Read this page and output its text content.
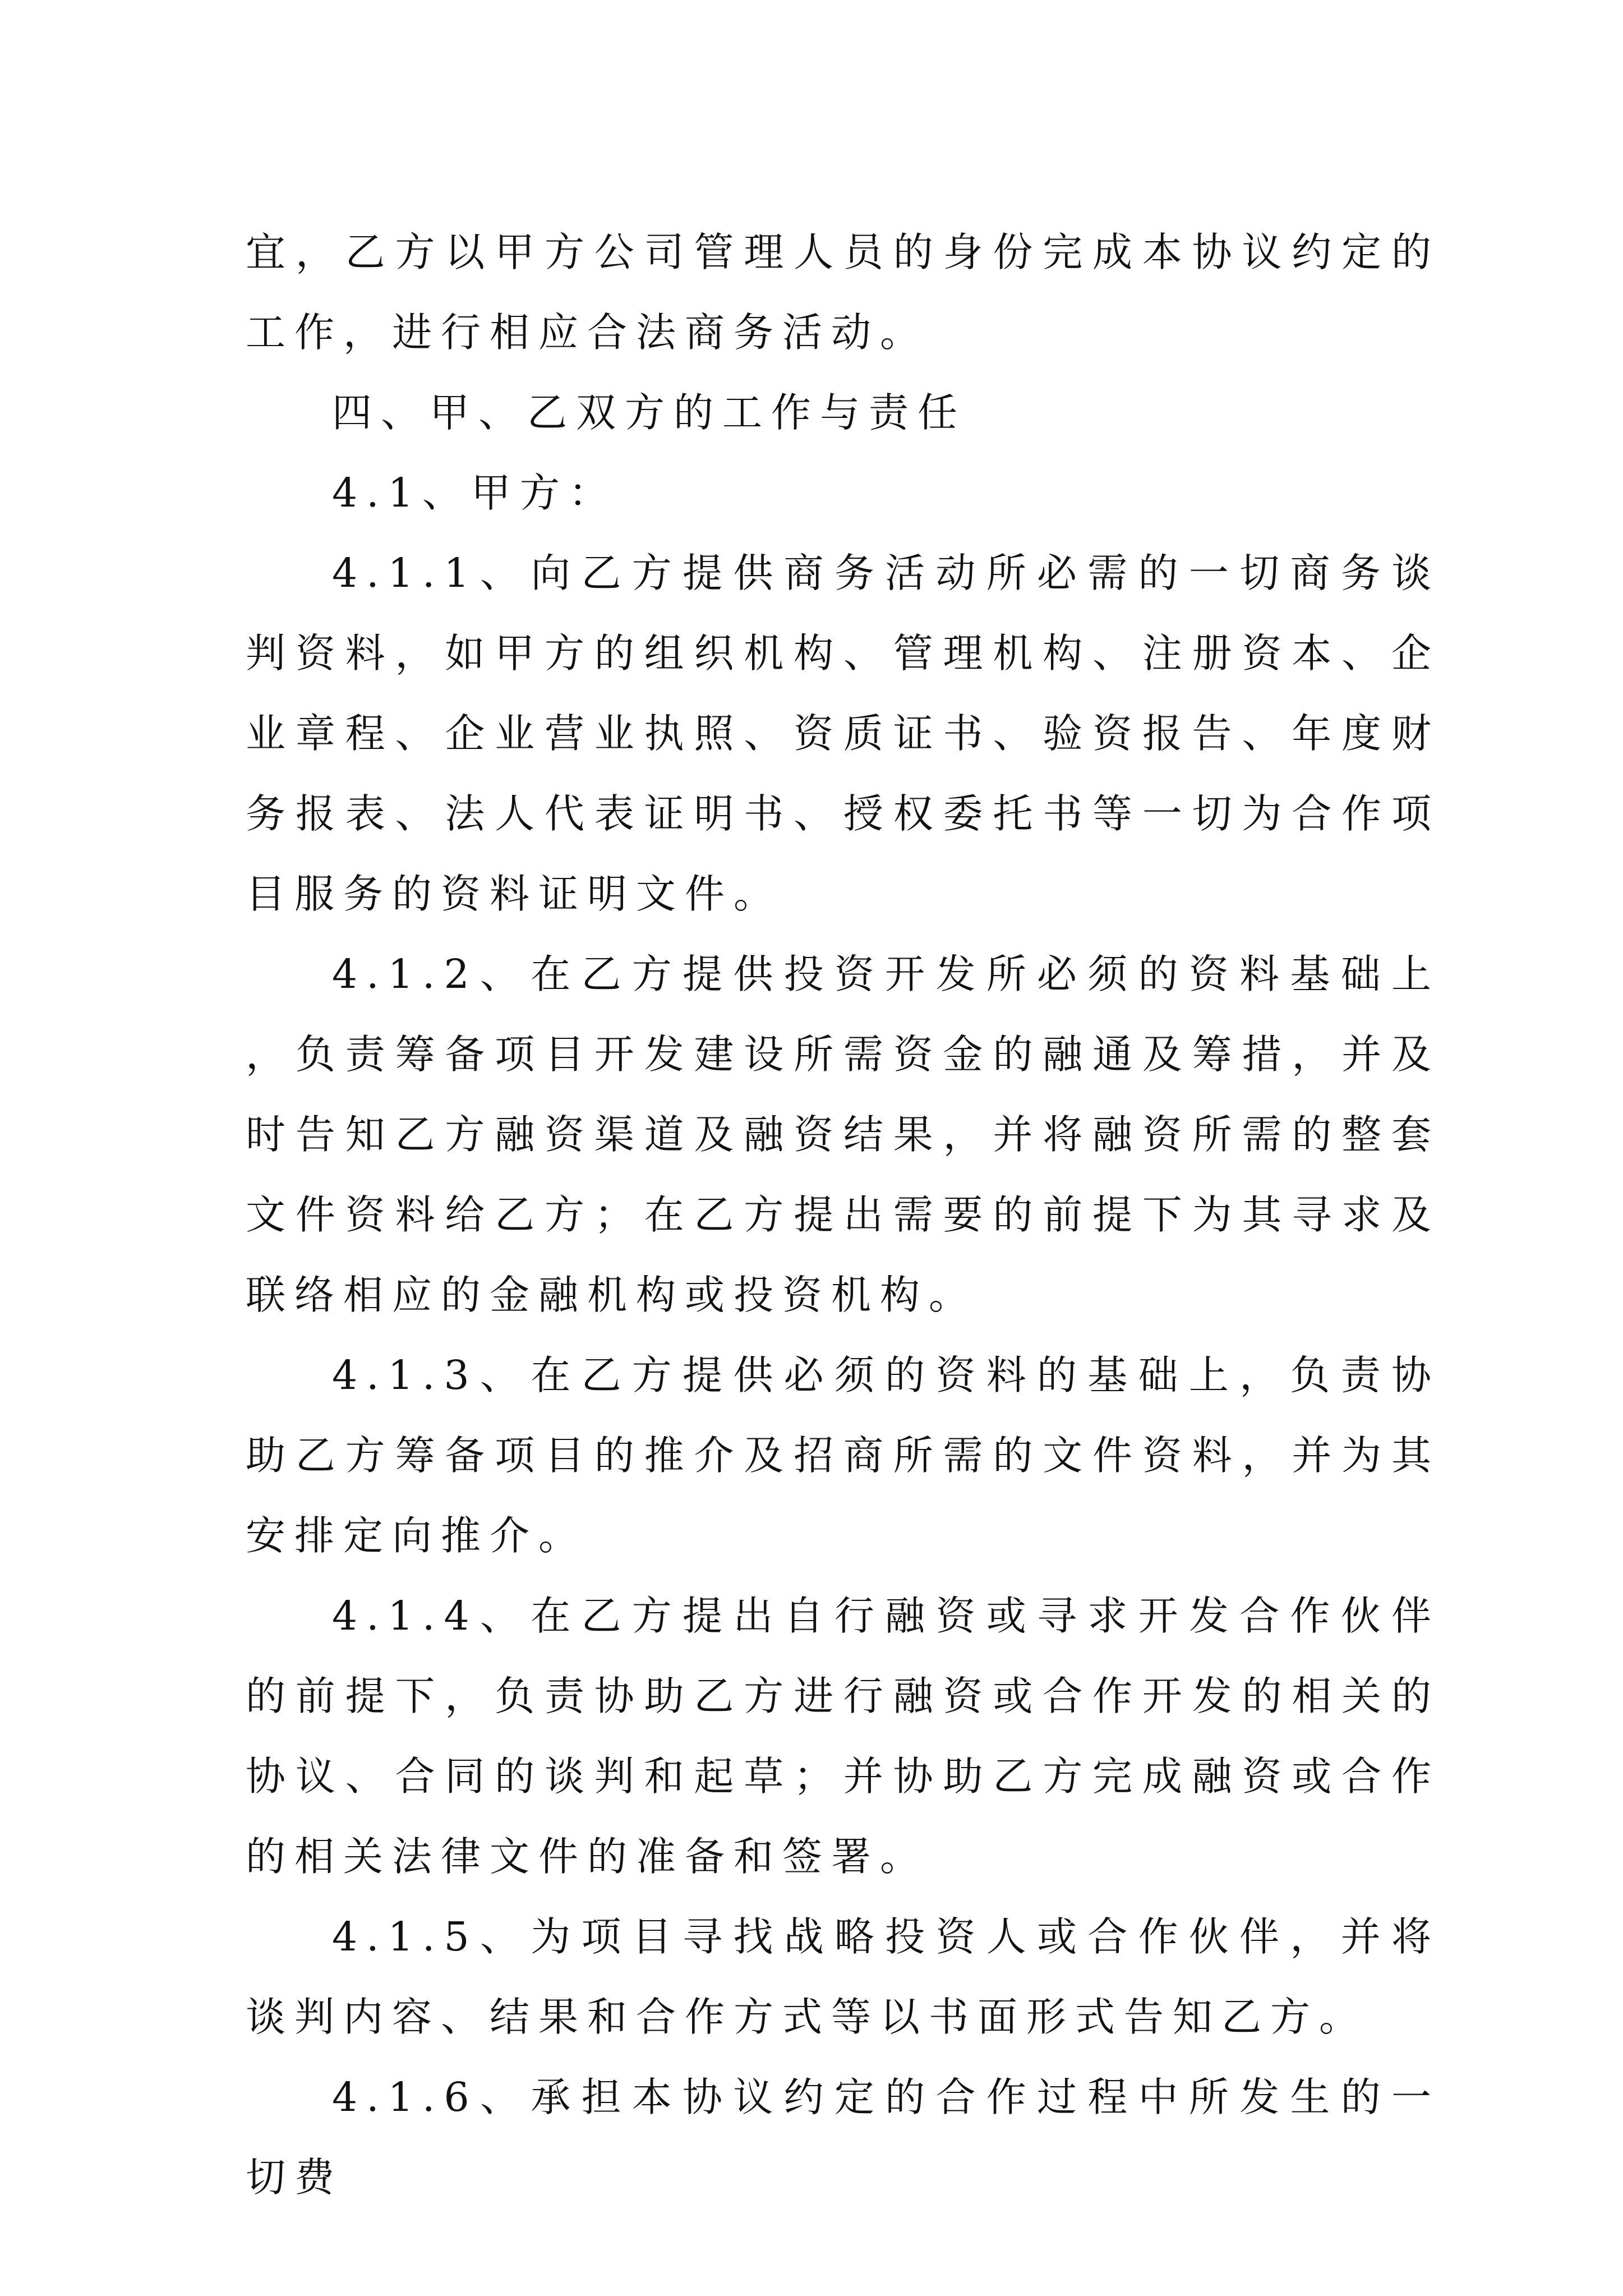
宜，乙方以甲方公司管理人员的身份完成本协议约定的工作，进行相应合法商务活动。

四、甲、乙双方的工作与责任

4.1、甲方：

4.1.1、向乙方提供商务活动所必需的一切商务谈判资料，如甲方的组织机构、管理机构、注册资本、企业章程、企业营业执照、资质证书、验资报告、年度财务报表、法人代表证明书、授权委托书等一切为合作项目服务的资料证明文件。

4.1.2、在乙方提供投资开发所必须的资料基础上，负责筹备项目开发建设所需资金的融通及筹措，并及时告知乙方融资渠道及融资结果，并将融资所需的整套文件资料给乙方；在乙方提出需要的前提下为其寻求及联络相应的金融机构或投资机构。

4.1.3、在乙方提供必须的资料的基础上，负责协助乙方筹备项目的推介及招商所需的文件资料，并为其安排定向推介。

4.1.4、在乙方提出自行融资或寻求开发合作伙伴的前提下，负责协助乙方进行融资或合作开发的相关的协议、合同的谈判和起草；并协助乙方完成融资或合作的相关法律文件的准备和签署。

4.1.5、为项目寻找战略投资人或合作伙伴，并将谈判内容、结果和合作方式等以书面形式告知乙方。

4.1.6、承担本协议约定的合作过程中所发生的一切费
